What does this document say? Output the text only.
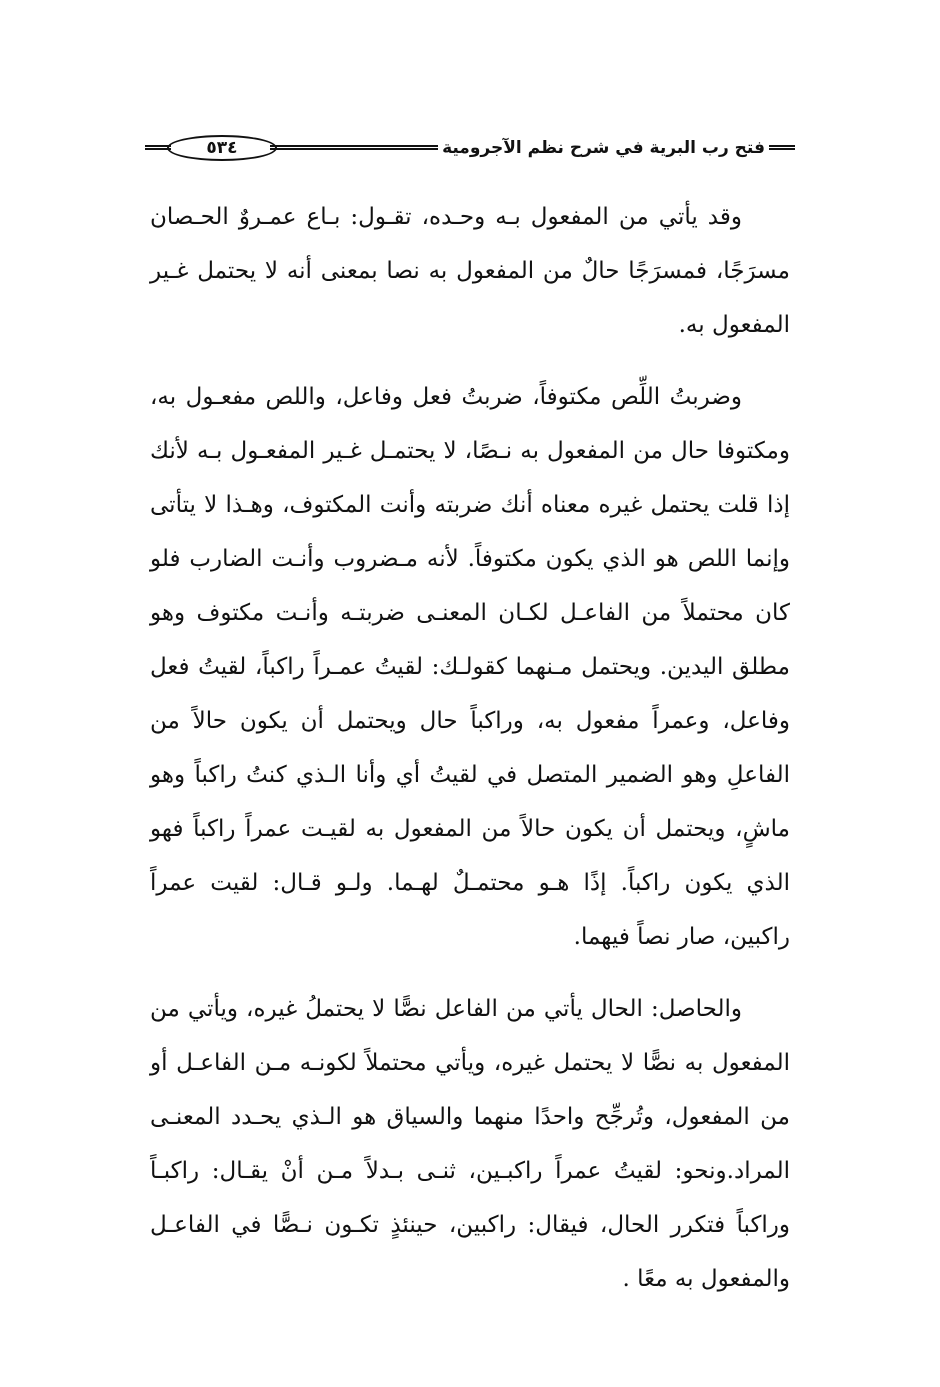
فتح رب البرية في شرح نظم الآجرومية
٥٣٤

وقد يأتي من المفعول بـه وحـده، تقـول: بـاع عمـروٌ الحـصان مسرَجًا، فمسرَجًا حالٌ من المفعول به نصا بمعنى أنه لا يحتمل غـير المفعول به.

وضربتُ اللِّص مكتوفاً، ضربتُ فعل وفاعل، واللص مفعـول به، ومكتوفا حال من المفعول به نـصًا، لا يحتمـل غـير المفعـول بـه لأنك إذا قلت يحتمل غيره معناه أنك ضربته وأنت المكتوف، وهـذا لا يتأتى وإنما اللص هو الذي يكون مكتوفاً. لأنه مـضروب وأنـت الضارب فلو كان محتملاً من الفاعـل لكـان المعنـى ضربتـه وأنـت مكتوف وهو مطلق اليدين. ويحتمل مـنهما كقولـك: لقيتُ عمـراً راكباً، لقيتُ فعل وفاعل، وعمراً مفعول به، وراكباً حال ويحتمل أن يكون حالاً من الفاعلِ وهو الضمير المتصل في لقيتُ أي وأنا الـذي كنتُ راكباً وهو ماشٍ، ويحتمل أن يكون حالاً من المفعول به لقيـت عمراً راكباً فهو الذي يكون راكباً. إذًا هـو محتمـلٌ لهـما. ولـو قـال: لقيت عمراً راكبين، صار نصاً فيهما.

والحاصل: الحال يأتي من الفاعل نصًّا لا يحتملُ غيره، ويأتي من المفعول به نصًّا لا يحتمل غيره، ويأتي محتملاً لكونـه مـن الفاعـل أو من المفعول، وتُرجِّح واحدًا منهما والسياق هو الـذي يحـدد المعنـى المراد.ونحو: لقيتُ عمراً راكبـين، ثنـى بـدلاً مـن أنْ يقـال: راكبـاً وراكباً فتكرر الحال، فيقال: راكبين، حينئذٍ تكـون نـصًّا في الفاعـل والمفعول به معًا .
